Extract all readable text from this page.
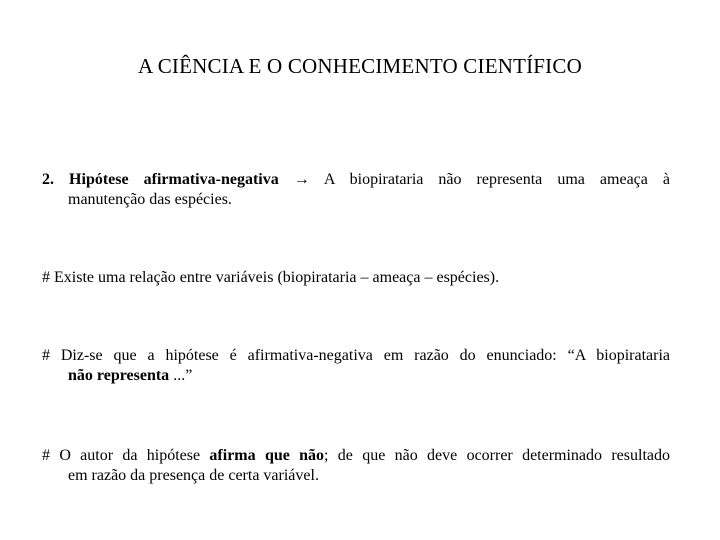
A CIÊNCIA E O CONHECIMENTO CIENTÍFICO
2. Hipótese afirmativa-negativa → A biopirataria não representa uma ameaça à
manutenção das espécies.
# Existe uma relação entre variáveis (biopirataria – ameaça – espécies).
# Diz-se que a hipótese é afirmativa-negativa em razão do enunciado: “A biopirataria
não representa ...”
# O autor da hipótese afirma que não; de que não deve ocorrer determinado resultado
em razão da presença de certa variável.
